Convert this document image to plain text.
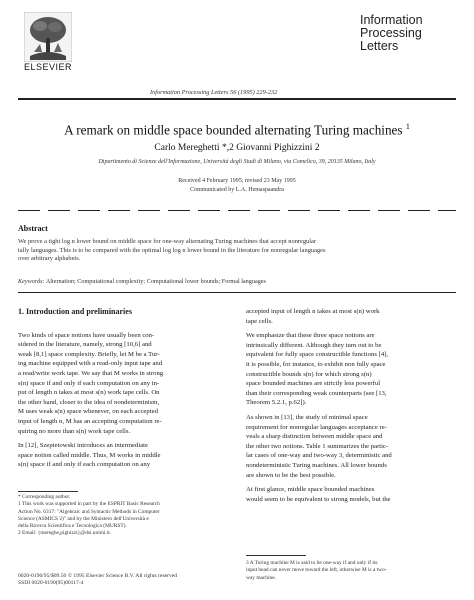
ELSEVIER
Information
Processing
Letters
Information Processing Letters 56 (1995) 229-232
A remark on middle space bounded alternating Turing machines $^1$
Carlo Mereghetti *,2 Giovanni Pighizzini 2
Dipartimento di Scienze dell'Informazione, Università degli Studi di Milano, via Comelico, 39, 20135 Milano, Italy
Received 4 February 1995; revised 23 May 1995
Communicated by L.A. Hemaspaandra
Abstract
We prove a tight log n lower bound on middle space for one-way alternating Turing machines that accept nonregular
tally languages. This is to be compared with the optimal log log n lower bound in the literature for nonregular languages
over arbitrary alphabets.
Keywords: Alternation; Computational complexity; Computational lower bounds; Formal languages
1. Introduction and preliminaries
Two kinds of space notions have usually been con-
sidered in the literature, namely, strong [10,6] and
weak [8,1] space complexity. Briefly, let M be a Tur-
ing machine equipped with a read-only input tape and
a read/write work tape. We say that M works in strong
s(n) space if and only if each computation on any in-
put of length n takes at most s(n) work tape cells. On
the other hand, closer to the idea of nondeterminism,
M uses weak s(n) space whenever, on each accepted
input of length n, M has an accepting computation re-
quiring no more than s(n) work tape cells.
In [12], Szepietowski introduces an intermediate
space notion called middle. Thus, M works in middle
s(n) space if and only if each computation on any
* Corresponding author.
1 This work was supported in part by the ESPRIT Basic Research
Action No. 6317: "Algebraic and Syntactic Methods in Computer
Science (ASMICS 2)" and by the Ministero dell'Università e
della Ricerca Scientifica e Tecnologica (MURST).
2 Email: {mereghe,pighizzi}@dsi.unimi.it.
accepted input of length n takes at most s(n) work
tape cells.
We emphasize that these three space notions are
intrinsically different. Although they turn out to be
equivalent for fully space constructible functions [4],
it is possible, for instance, to exhibit non fully space
constructible bounds s(n) for which strong s(n)
space bounded machines are strictly less powerful
than their corresponding weak counterparts (see [13,
Theorem 5.2.1, p.62]).
As shown in [13], the study of minimal space
requirement for nonregular languages acceptance re-
veals a sharp distinction between middle space and
the other two notions. Table 1 summarizes the partic-
lar cases of one-way and two-way 3, deterministic and
nondeterministic Turing machines. All lower bounds
are shown to be the best possible.
At first glance, middle space bounded machines
would seem to be equivalent to strong models, but the
3 A Turing machine M is said to be one-way if and only if its
input head can never move toward the left, otherwise M is a two-
way machine.
0020-0190/95/$09.50 © 1995 Elsevier Science B.V. All rights reserved
SSDI 0020-0190(95)00117-4
